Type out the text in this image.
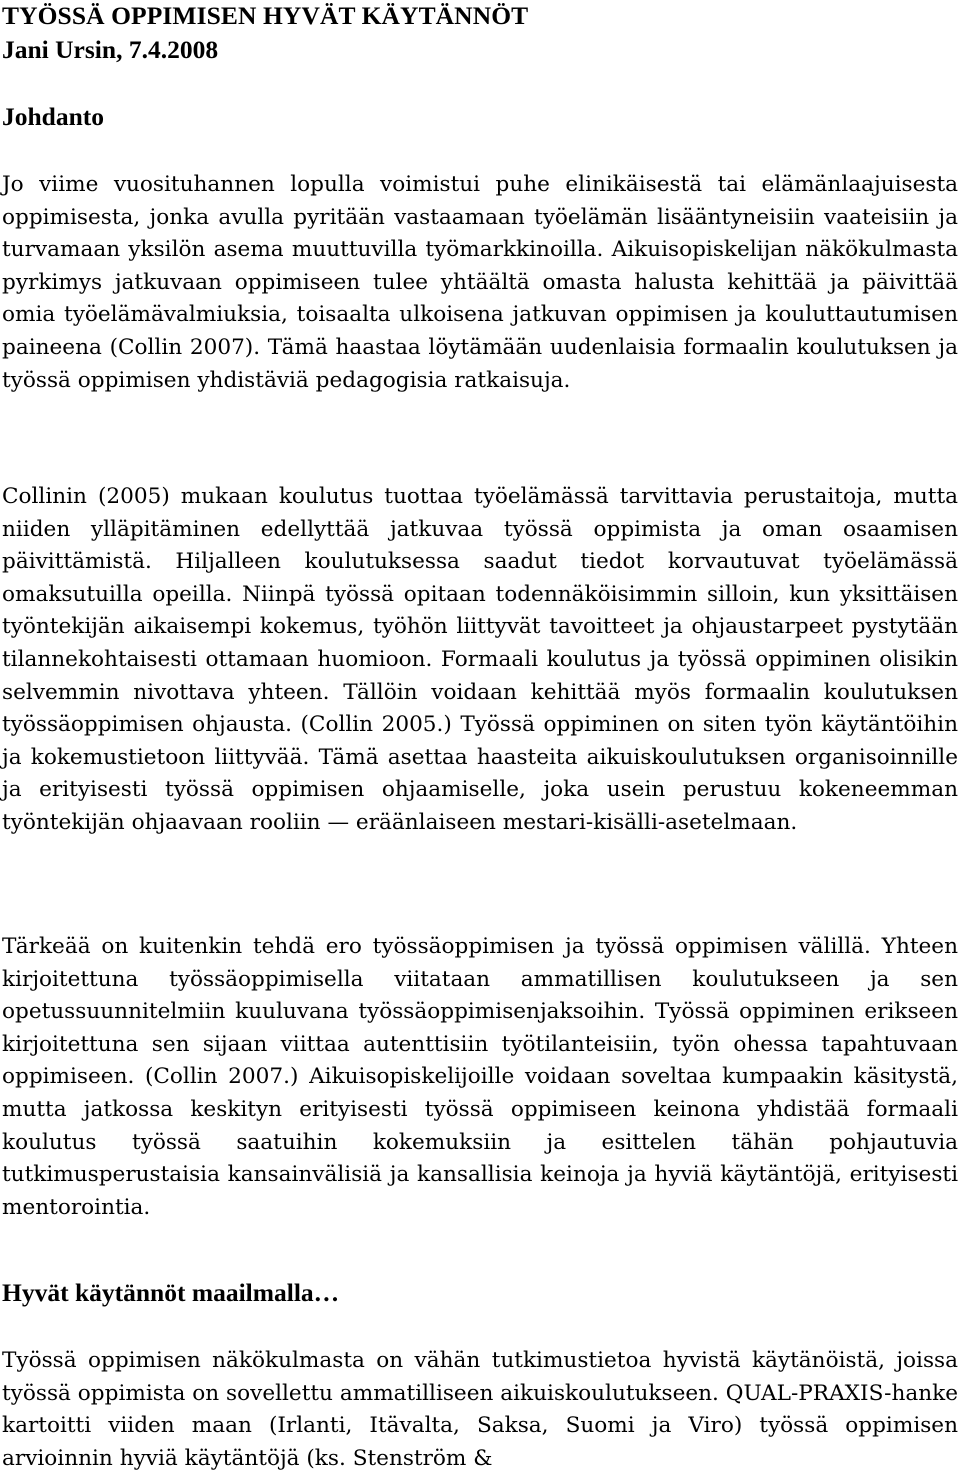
TYÖSSÄ OPPIMISEN HYVÄT KÄYTÄNNÖT
Jani Ursin, 7.4.2008
Johdanto

Jo viime vuosituhannen lopulla voimistui puhe elinikäisestä tai elämänlaajuisesta oppimisesta, jonka avulla pyritään vastaamaan työelämän lisääntyneisiin vaateisiin ja turvamaan yksilön asema muuttuvilla työmarkkinoilla. Aikuisopiskelijan näkökulmasta pyrkimys jatkuvaan oppimiseen tulee yhtäältä omasta halusta kehittää ja päivittää omia työelämävalmiuksia, toisaalta ulkoisena jatkuvan oppimisen ja kouluttautumisen paineena (Collin 2007). Tämä haastaa löytämään uudenlaisia formaalin koulutuksen ja työssä oppimisen yhdistäviä pedagogisia ratkaisuja.

Collinin (2005) mukaan koulutus tuottaa työelämässä tarvittavia perustaitoja, mutta niiden ylläpitäminen edellyttää jatkuvaa työssä oppimista ja oman osaamisen päivittämistä. Hiljalleen koulutuksessa saadut tiedot korvautuvat työelämässä omaksutuilla opeilla. Niinpä työssä opitaan todennäköisimmin silloin, kun yksittäisen työntekijän aikaisempi kokemus, työhön liittyvät tavoitteet ja ohjaustarpeet pystytään tilannekohtaisesti ottamaan huomioon. Formaali koulutus ja työssä oppiminen olisikin selvemmin nivottava yhteen. Tällöin voidaan kehittää myös formaalin koulutuksen työssäoppimisen ohjausta. (Collin 2005.) Työssä oppiminen on siten työn käytäntöihin ja kokemustietoon liittyvää. Tämä asettaa haasteita aikuiskoulutuksen organisoinnille ja erityisesti työssä oppimisen ohjaamiselle, joka usein perustuu kokeneemman työntekijän ohjaavaan rooliin — eräänlaiseen mestari-kisälli-asetelmaan.

Tärkeää on kuitenkin tehdä ero työssäoppimisen ja työssä oppimisen välillä. Yhteen kirjoitettuna työssäoppimisella viitataan ammatillisen koulutukseen ja sen opetussuunnitelmiin kuuluvana työssäoppimisenjaksoihin. Työssä oppiminen erikseen kirjoitettuna sen sijaan viittaa autenttisiin työtilanteisiin, työn ohessa tapahtuvaan oppimiseen. (Collin 2007.) Aikuisopiskelijoille voidaan soveltaa kumpaakin käsitystä, mutta jatkossa keskityn erityisesti työssä oppimiseen keinona yhdistää formaali koulutus työssä saatuihin kokemuksiin ja esittelen tähän pohjautuvia tutkimusperustaisia kansainvälisiä ja kansallisia keinoja ja hyviä käytäntöjä, erityisesti mentorointia.

Hyvät käytännöt maailmalla…

Työssä oppimisen näkökulmasta on vähän tutkimustietoa hyvistä käytänöistä, joissa työssä oppimista on sovellettu ammatilliseen aikuiskoulutukseen. QUAL-PRAXIS-hanke kartoitti viiden maan (Irlanti, Itävalta, Saksa, Suomi ja Viro) työssä oppimisen arvioinnin hyviä käytäntöjä (ks. Stenström &
